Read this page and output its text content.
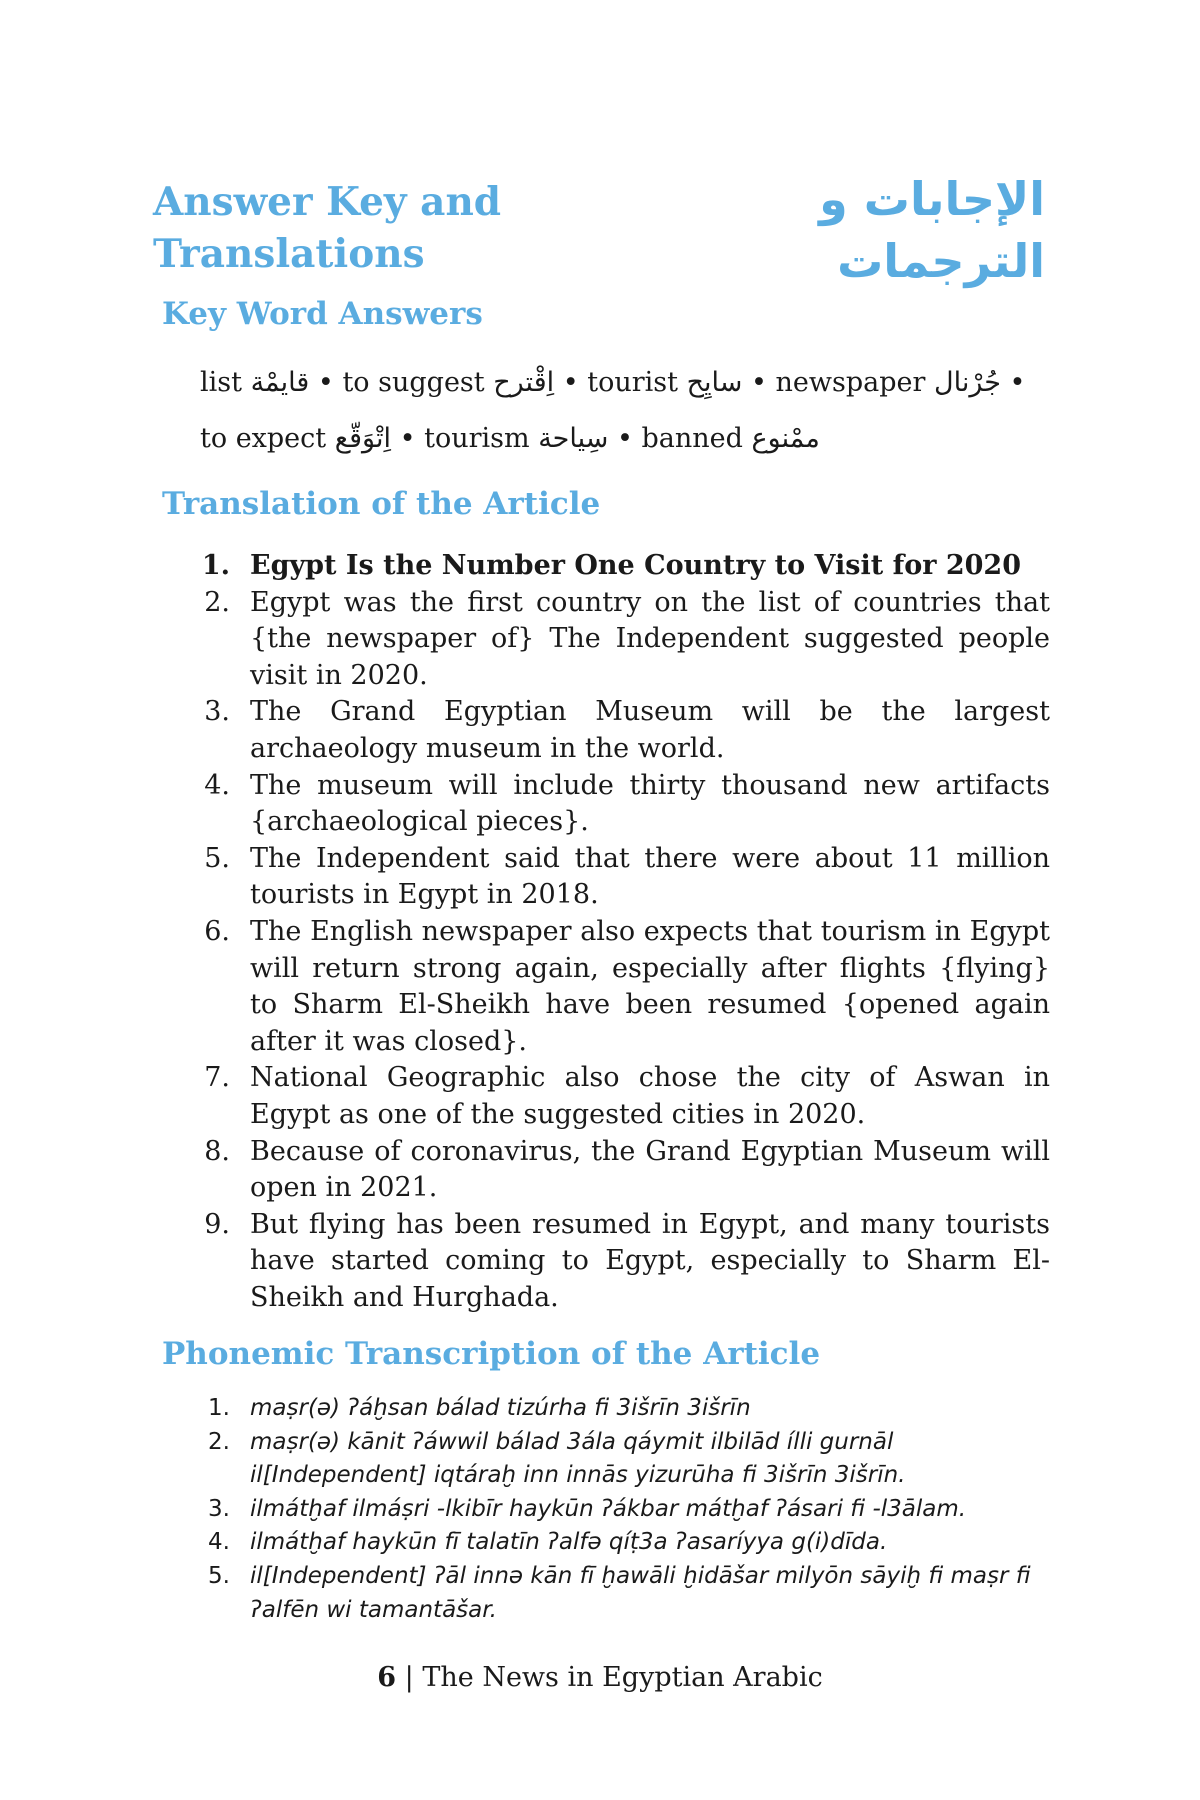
Answer Key and Translations
الإجابات و الترجمات
Key Word Answers
list قايمْة • to suggest اِقْترح • tourist سايِح • newspaper جُرْنال • to expect اِتْوَقّع • tourism سِياحة • banned ممْنوع
Translation of the Article
1. Egypt Is the Number One Country to Visit for 2020
2. Egypt was the first country on the list of countries that {the newspaper of} The Independent suggested people visit in 2020.
3. The Grand Egyptian Museum will be the largest archaeology museum in the world.
4. The museum will include thirty thousand new artifacts {archaeological pieces}.
5. The Independent said that there were about 11 million tourists in Egypt in 2018.
6. The English newspaper also expects that tourism in Egypt will return strong again, especially after flights {flying} to Sharm El-Sheikh have been resumed {opened again after it was closed}.
7. National Geographic also chose the city of Aswan in Egypt as one of the suggested cities in 2020.
8. Because of coronavirus, the Grand Egyptian Museum will open in 2021.
9. But flying has been resumed in Egypt, and many tourists have started coming to Egypt, especially to Sharm El-Sheikh and Hurghada.
Phonemic Transcription of the Article
1. maṣr(ə) ʔáḫsan bálad tizúrha fi 3išrīn 3išrīn
2. maṣr(ə) kānit ʔáwwil bálad 3ála qáymit ilbilād ílli gurnāl il[Independent] iqtáraḫ inn innās yizurūha fi 3išrīn 3išrīn.
3. ilmátḫaf ilmáṣri -lkibīr haykūn ʔákbar mátḫaf ʔásari fi -l3ālam.
4. ilmátḫaf haykūn fī talatīn ʔalfə qíṭ3a ʔasaríyya g(i)dīda.
5. il[Independent] ʔāl innə kān fī ḫawāli ḫidāšar milyōn sāyiḫ fi maṣr fi ʔalfēn wi tamantāšar.
6 | The News in Egyptian Arabic
